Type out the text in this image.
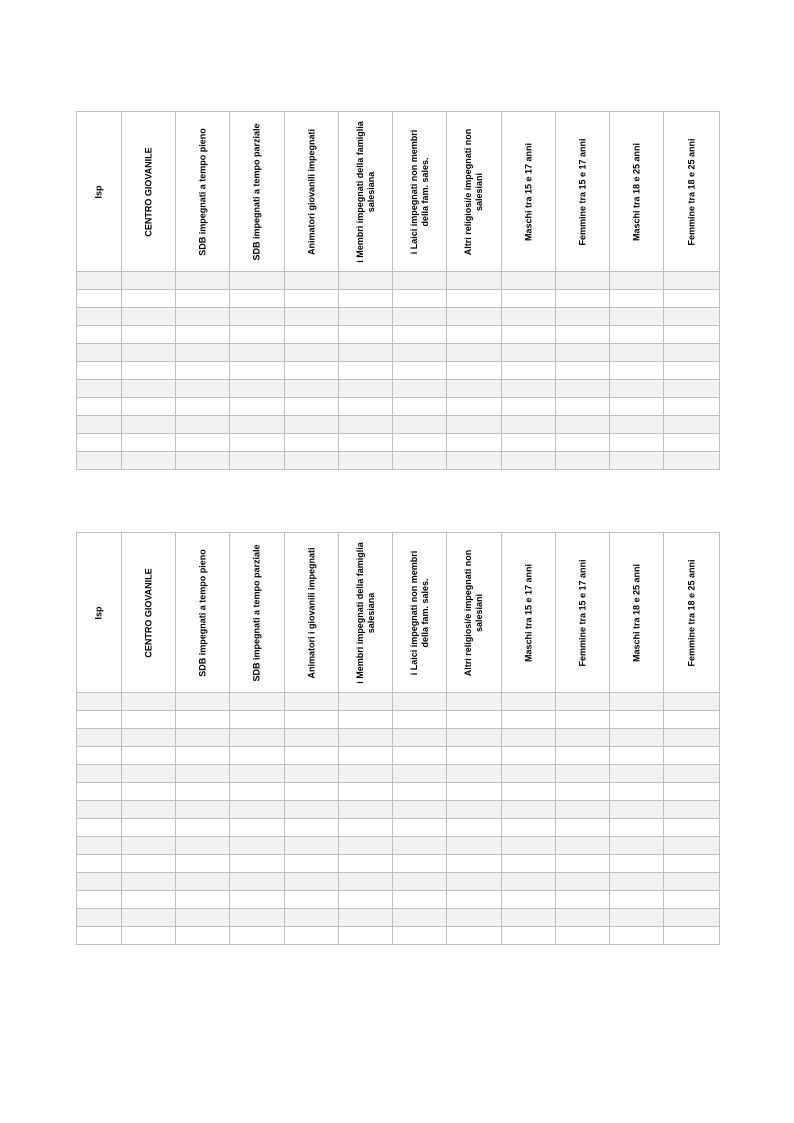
Isp	CENTRO GIOVANILE	SDB impegnati a tempo pieno	SDB impegnati a tempo parziale	Animatori giovanili impegnati	i Membri impegnati della famiglia salesiana	i Laici impegnati non membri della fam. sales.	Altri religiosi/e impegnati non salesiani	Maschi tra 15 e 17 anni	Femmine tra 15 e 17 anni	Maschi tra 18 e 25 anni	Femmine tra 18 e 25 anni

Isp	CENTRO GIOVANILE	SDB impegnati a tempo pieno	SDB impegnati a tempo parziale	Animatori i giovanili impegnati	i Membri impegnati della famiglia salesiana	i Laici impegnati non membri della fam. sales.	Altri religiosi/e impegnati non salesiani	Maschi tra 15 e 17 anni	Femmine tra 15 e 17 anni	Maschi tra 18 e 25 anni	Femmine tra 18 e 25 anni
